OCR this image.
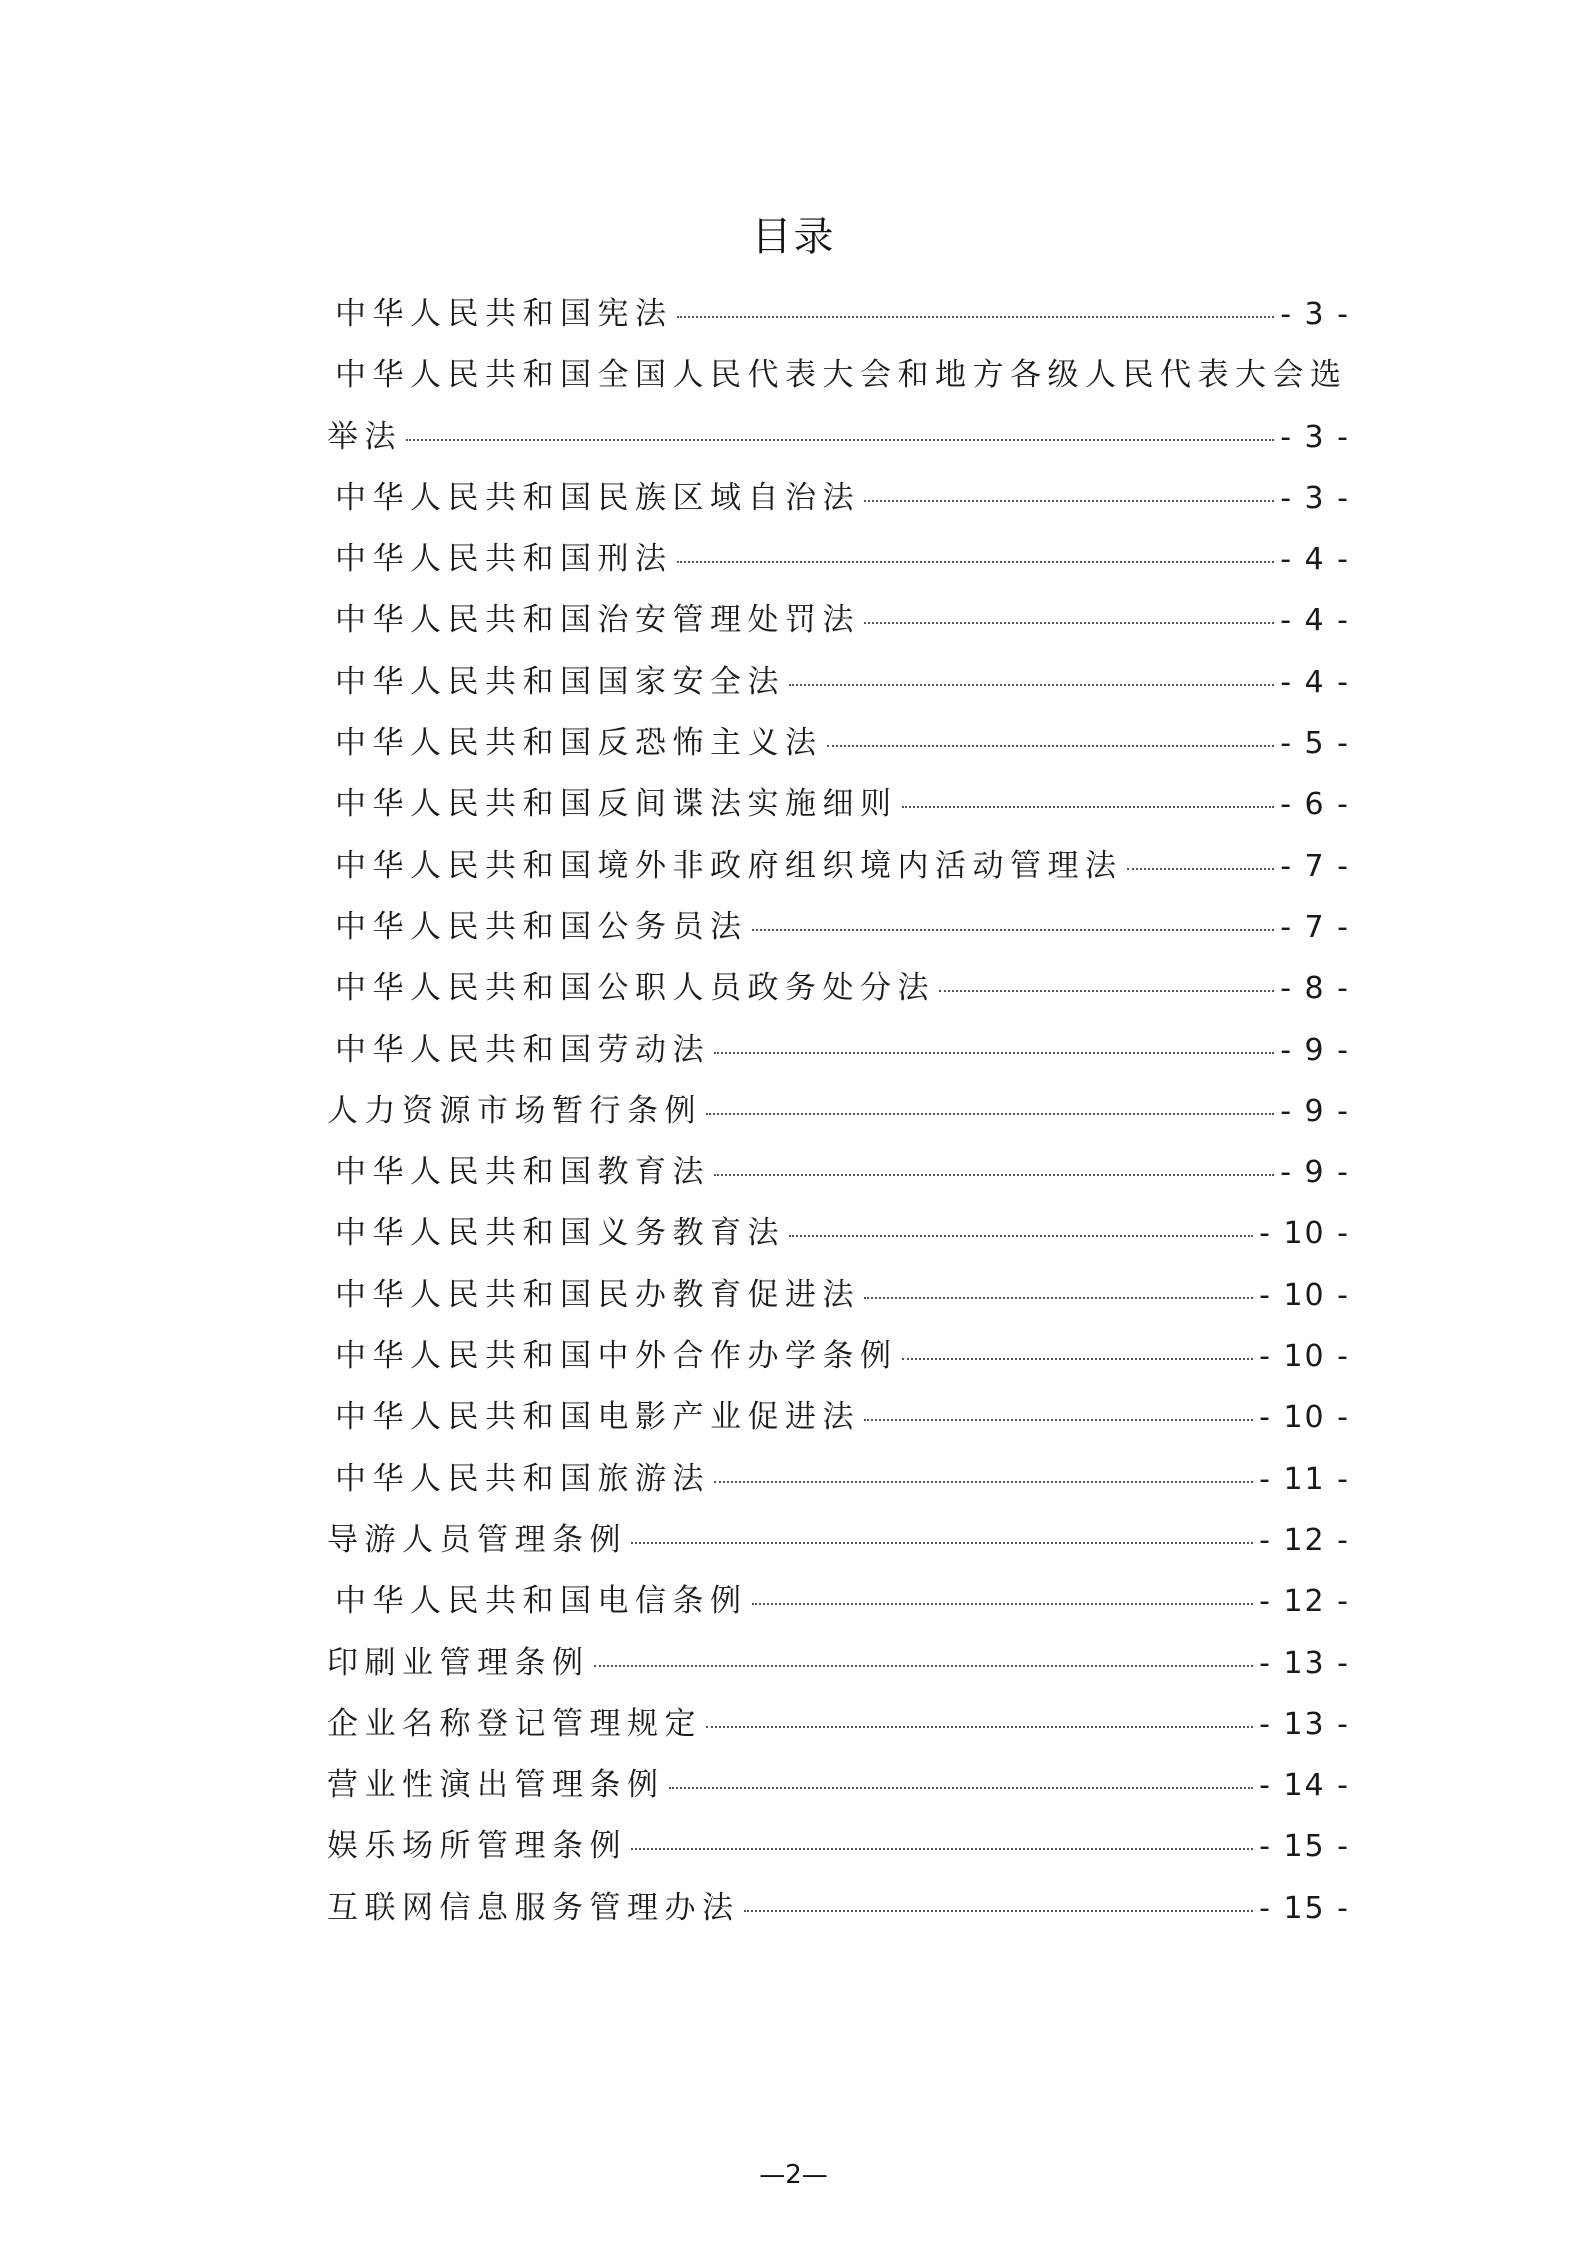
目录
中华人民共和国宪法	- 3 -
中华人民共和国全国人民代表大会和地方各级人民代表大会选
举法	- 3 -
中华人民共和国民族区域自治法	- 3 -
中华人民共和国刑法	- 4 -
中华人民共和国治安管理处罚法	- 4 -
中华人民共和国国家安全法	- 4 -
中华人民共和国反恐怖主义法	- 5 -
中华人民共和国反间谍法实施细则	- 6 -
中华人民共和国境外非政府组织境内活动管理法	- 7 -
中华人民共和国公务员法	- 7 -
中华人民共和国公职人员政务处分法	- 8 -
中华人民共和国劳动法	- 9 -
人力资源市场暂行条例	- 9 -
中华人民共和国教育法	- 9 -
中华人民共和国义务教育法	- 10 -
中华人民共和国民办教育促进法	- 10 -
中华人民共和国中外合作办学条例	- 10 -
中华人民共和国电影产业促进法	- 10 -
中华人民共和国旅游法	- 11 -
导游人员管理条例	- 12 -
中华人民共和国电信条例	- 12 -
印刷业管理条例	- 13 -
企业名称登记管理规定	- 13 -
营业性演出管理条例	- 14 -
娱乐场所管理条例	- 15 -
互联网信息服务管理办法	- 15 -
—2—
